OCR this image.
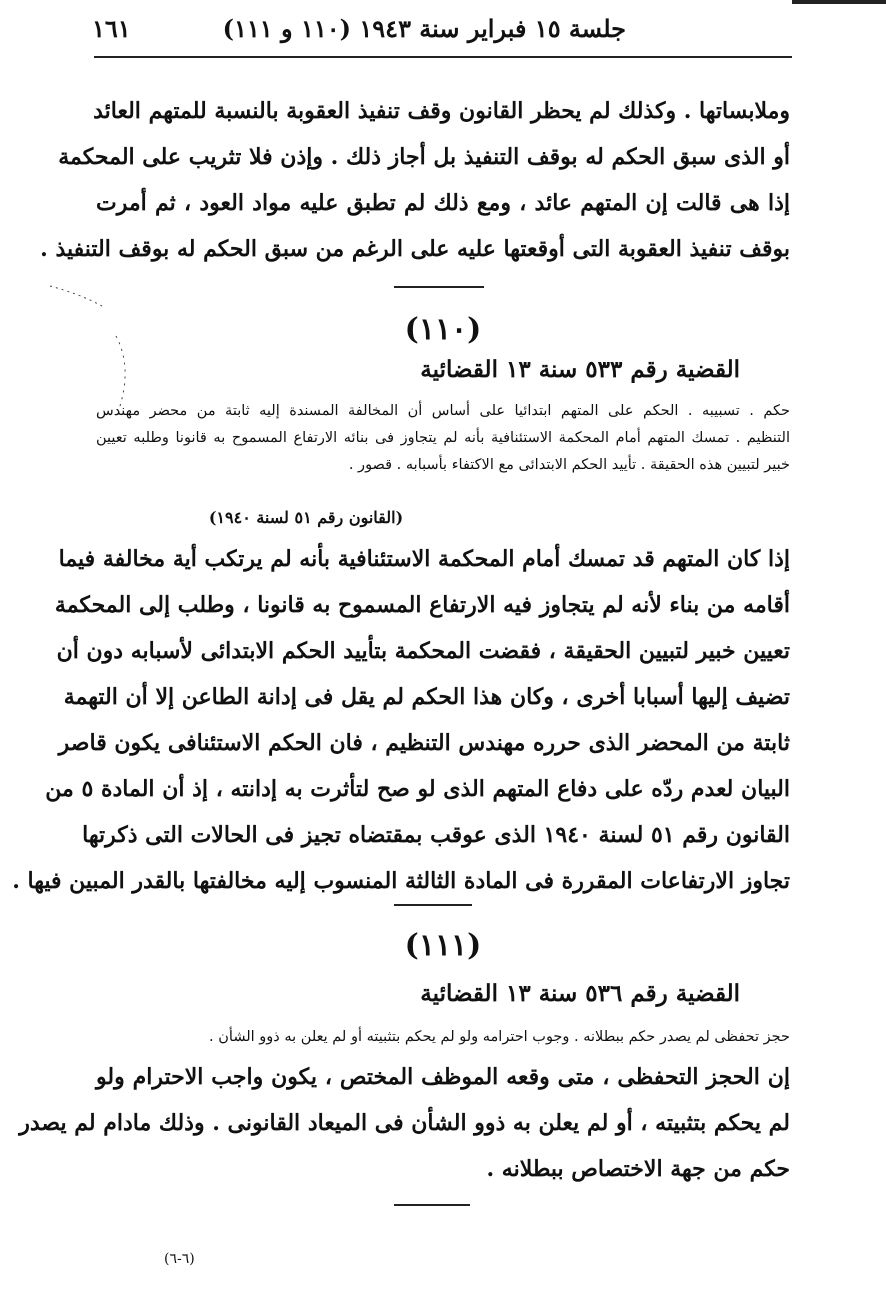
جلسة ١٥ فبراير سنة ١٩٤٣ (١١٠ و ١١١)
١٦١
وملابساتها . وكذلك لم يحظر القانون وقف تنفيذ العقوبة بالنسبة للمتهم العائد
أو الذى سبق الحكم له بوقف التنفيذ بل أجاز ذلك . وإذن فلا تثريب على المحكمة
إذا هى قالت إن المتهم عائد ، ومع ذلك لم تطبق عليه مواد العود ، ثم أمرت
بوقف تنفيذ العقوبة التى أوقعتها عليه على الرغم من سبق الحكم له بوقف التنفيذ .
(١١٠)
القضية رقم ٥٣٣ سنة ١٣ القضائية
حكم . تسبيبه . الحكم على المتهم ابتدائيا على أساس أن المخالفة المسندة إليه ثابتة من محضر مهندس
التنظيم . تمسك المتهم أمام المحكمة الاستئنافية بأنه لم يتجاوز فى بنائه الارتفاع المسموح به قانونا وطلبه تعيين
خبير لتبيين هذه الحقيقة . تأييد الحكم الابتدائى مع الاكتفاء بأسبابه . قصور .
(القانون رقم ٥١ لسنة ١٩٤٠)
إذا كان المتهم قد تمسك أمام المحكمة الاستئنافية بأنه لم يرتكب أية مخالفة فيما
أقامه من بناء لأنه لم يتجاوز فيه الارتفاع المسموح به قانونا ، وطلب إلى المحكمة
تعيين خبير لتبيين الحقيقة ، فقضت المحكمة بتأييد الحكم الابتدائى لأسبابه دون أن
تضيف إليها أسبابا أخرى ، وكان هذا الحكم لم يقل فى إدانة الطاعن إلا أن التهمة
ثابتة من المحضر الذى حرره مهندس التنظيم ، فان الحكم الاستئنافى يكون قاصر
البيان لعدم ردّه على دفاع المتهم الذى لو صح لتأثرت به إدانته ، إذ أن المادة ٥ من
القانون رقم ٥١ لسنة ١٩٤٠ الذى عوقب بمقتضاه تجيز فى الحالات التى ذكرتها
تجاوز الارتفاعات المقررة فى المادة الثالثة المنسوب إليه مخالفتها بالقدر المبين فيها .
(١١١)
القضية رقم ٥٣٦ سنة ١٣ القضائية
حجز تحفظى لم يصدر حكم ببطلانه . وجوب احترامه ولو لم يحكم بتثبيته أو لم يعلن به ذوو الشأن .
إن الحجز التحفظى ، متى وقعه الموظف المختص ، يكون واجب الاحترام ولو
لم يحكم بتثبيته ، أو لم يعلن به ذوو الشأن فى الميعاد القانونى . وذلك مادام لم يصدر
حكم من جهة الاختصاص ببطلانه .
(٦-٦)
